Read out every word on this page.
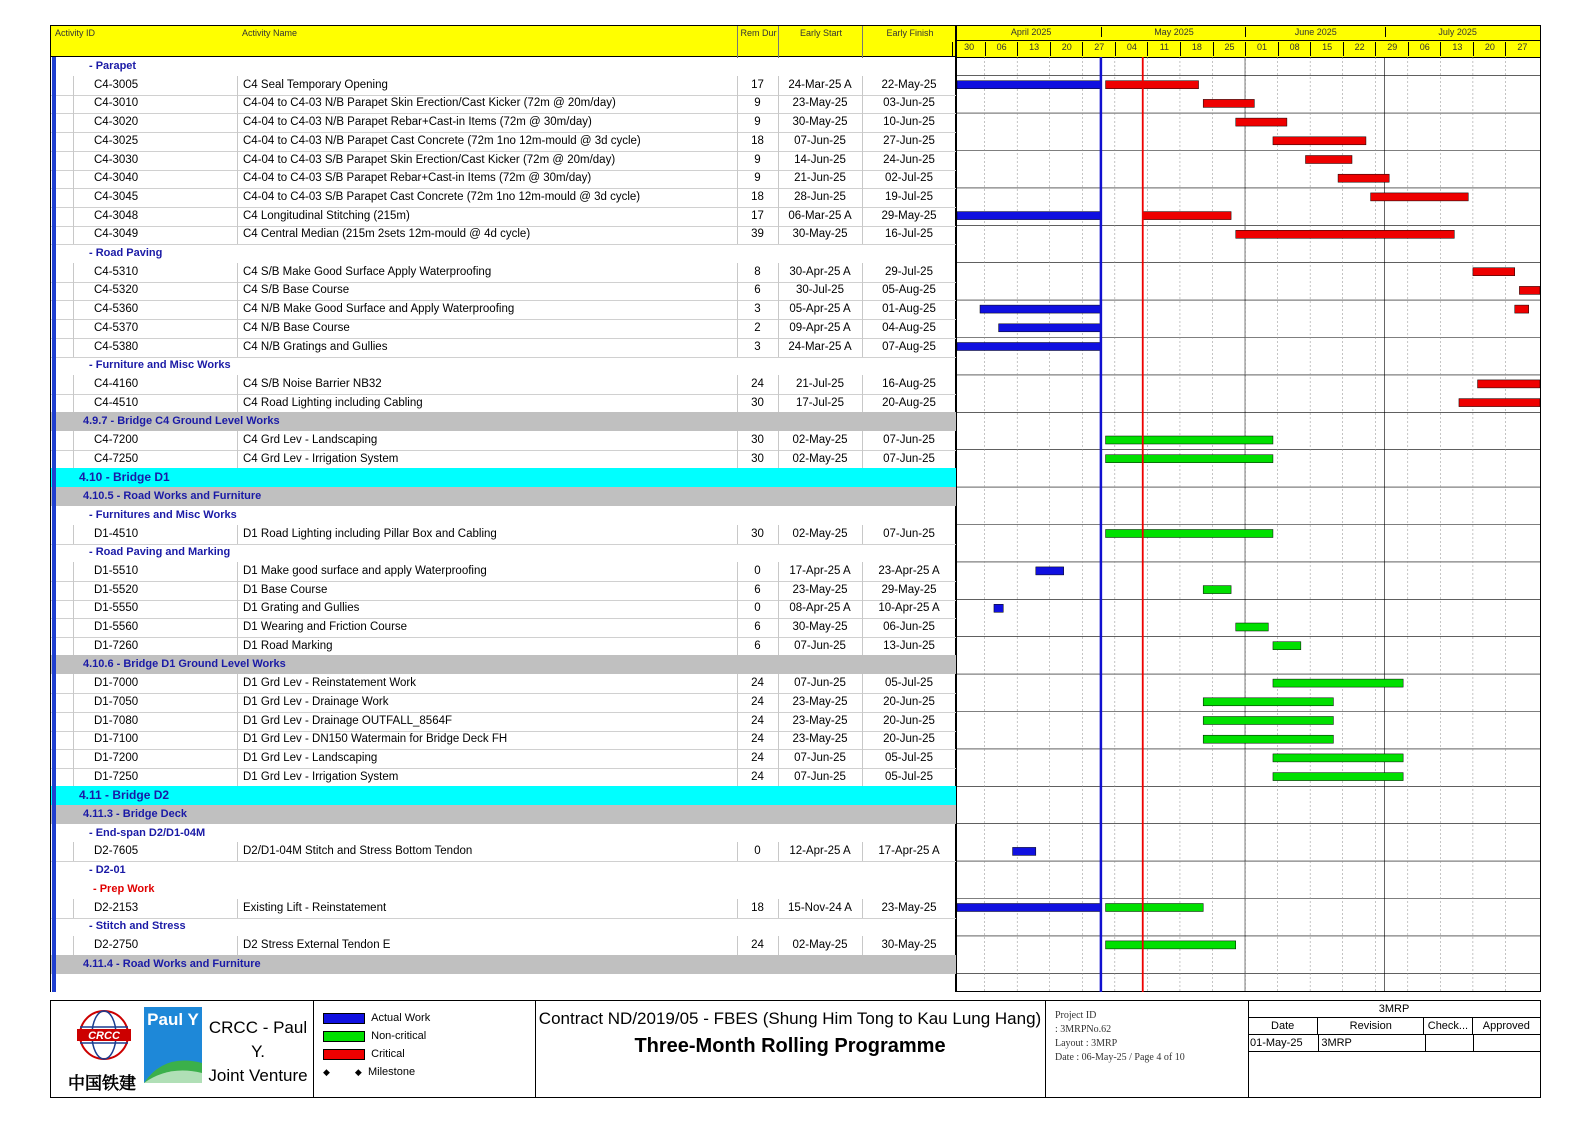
Activity ID	Activity Name	Rem Dur	Early Start	Early Finish
- Parapet
C4-3005	C4 Seal Temporary Opening	17	24-Mar-25 A	22-May-25
C4-3010	C4-04 to C4-03 N/B Parapet Skin Erection/Cast Kicker (72m @ 20m/day)	9	23-May-25	03-Jun-25
C4-3020	C4-04 to C4-03 N/B Parapet Rebar+Cast-in Items (72m @ 30m/day)	9	30-May-25	10-Jun-25
C4-3025	C4-04 to C4-03 N/B Parapet Cast Concrete (72m 1no 12m-mould @ 3d cycle)	18	07-Jun-25	27-Jun-25
C4-3030	C4-04 to C4-03 S/B Parapet Skin Erection/Cast Kicker (72m @ 20m/day)	9	14-Jun-25	24-Jun-25
C4-3040	C4-04 to C4-03 S/B Parapet Rebar+Cast-in Items (72m @ 30m/day)	9	21-Jun-25	02-Jul-25
C4-3045	C4-04 to C4-03 S/B Parapet Cast Concrete (72m 1no 12m-mould @ 3d cycle)	18	28-Jun-25	19-Jul-25
C4-3048	C4 Longitudinal Stitching (215m)	17	06-Mar-25 A	29-May-25
C4-3049	C4 Central Median (215m 2sets 12m-mould @ 4d cycle)	39	30-May-25	16-Jul-25
- Road Paving
C4-5310	C4 S/B Make Good Surface Apply Waterproofing	8	30-Apr-25 A	29-Jul-25
C4-5320	C4 S/B Base Course	6	30-Jul-25	05-Aug-25
C4-5360	C4 N/B Make Good Surface and Apply Waterproofing	3	05-Apr-25 A	01-Aug-25
C4-5370	C4 N/B Base Course	2	09-Apr-25 A	04-Aug-25
C4-5380	C4 N/B Gratings and Gullies	3	24-Mar-25 A	07-Aug-25
- Furniture and Misc Works
C4-4160	C4 S/B Noise Barrier NB32	24	21-Jul-25	16-Aug-25
C4-4510	C4 Road Lighting including Cabling	30	17-Jul-25	20-Aug-25
4.9.7 - Bridge C4 Ground Level Works
C4-7200	C4 Grd Lev - Landscaping	30	02-May-25	07-Jun-25
C4-7250	C4 Grd Lev - Irrigation System	30	02-May-25	07-Jun-25
4.10 - Bridge D1
4.10.5 - Road Works and Furniture
- Furnitures and Misc Works
D1-4510	D1 Road Lighting including Pillar Box and Cabling	30	02-May-25	07-Jun-25
- Road Paving and Marking
D1-5510	D1 Make good surface and apply Waterproofing	0	17-Apr-25 A	23-Apr-25 A
D1-5520	D1 Base Course	6	23-May-25	29-May-25
D1-5550	D1 Grating and Gullies	0	08-Apr-25 A	10-Apr-25 A
D1-5560	D1 Wearing and Friction Course	6	30-May-25	06-Jun-25
D1-7260	D1 Road Marking	6	07-Jun-25	13-Jun-25
4.10.6 - Bridge D1 Ground Level Works
D1-7000	D1 Grd Lev - Reinstatement Work	24	07-Jun-25	05-Jul-25
D1-7050	D1 Grd Lev - Drainage Work	24	23-May-25	20-Jun-25
D1-7080	D1 Grd Lev - Drainage OUTFALL_8564F	24	23-May-25	20-Jun-25
D1-7100	D1 Grd Lev - DN150 Watermain for Bridge Deck FH	24	23-May-25	20-Jun-25
D1-7200	D1 Grd Lev - Landscaping	24	07-Jun-25	05-Jul-25
D1-7250	D1 Grd Lev - Irrigation System	24	07-Jun-25	05-Jul-25
4.11 - Bridge D2
4.11.3 - Bridge Deck
- End-span D2/D1-04M
D2-7605	D2/D1-04M Stitch and Stress Bottom Tendon	0	12-Apr-25 A	17-Apr-25 A
- D2-01
- Prep Work
D2-2153	Existing Lift - Reinstatement	18	15-Nov-24 A	23-May-25
- Stitch and Stress
D2-2750	D2 Stress External Tendon E	24	02-May-25	30-May-25
4.11.4 - Road Works and Furniture
April 2025	May 2025	June 2025	July 2025
30	06	13	20	27	04	11	18	25	01	08	15	22	29	06	13	20	27
CRCC
中国铁建
Paul Y CRCC - Paul Y.
Joint Venture
Actual Work
Non-critical
Critical
◆          ◆ Milestone
Contract ND/2019/05 - FBES (Shung Him Tong to Kau Lung Hang)
Three-Month Rolling Programme
Project ID
: 3MRPNo.62
Layout : 3MRP
Date : 06-May-25 / Page 4 of 10
3MRP
Date	Revision	Check...	Approved
01-May-25	3MRP
